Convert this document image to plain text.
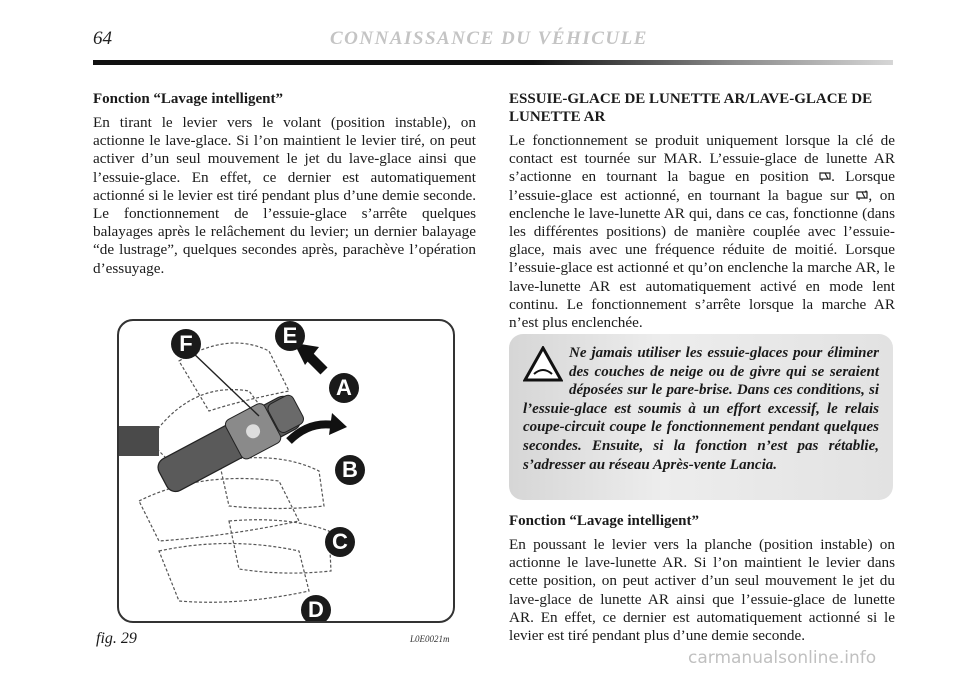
64	CONNAISSANCE DU VÉHICULE
Fonction “Lavage intelligent”

En tirant le levier vers le volant (position instable), on actionne le lave-glace. Si l’on maintient le levier tiré, on peut activer d’un seul mouvement le jet du lave-glace ainsi que l’essuie-glace. En effet, ce dernier est automatiquement actionné si le levier est tiré pendant plus d’une demie seconde. Le fonctionnement de l’essuie-glace s’arrête quelques balayages après le relâchement du levier; un dernier balayage “de lustrage”, quelques secondes après, parachève l’opération d’essuyage.

F	E
A
B
C
D
fig. 29	L0E0021m
ESSUIE-GLACE DE LUNETTE AR/LAVE-GLACE DE LUNETTE AR

Le fonctionnement se produit uniquement lorsque la clé de contact est tournée sur MAR. L’essuie-glace de lunette AR s’actionne en tournant la bague en position . Lorsque l’essuie-glace est actionné, en tournant la bague sur , on enclenche le lave-lunette AR qui, dans ce cas, fonctionne (dans les différentes positions) de manière couplée avec l’essuie-glace, mais avec une fréquence réduite de moitié. Lorsque l’essuie-glace est actionné et qu’on enclenche la marche AR, le lave-lunette AR est automatiquement activé en mode lent continu. Le fonctionnement s’arrête lorsque la marche AR n’est plus enclenchée.

Ne jamais utiliser les essuie-glaces pour éliminer des couches de neige ou de givre qui se seraient déposées sur le pare-brise. Dans ces conditions, si l’essuie-glace est soumis à un effort excessif, le relais coupe-circuit coupe le fonctionnement pendant quelques secondes. Ensuite, si la fonction n’est pas rétablie, s’adresser au réseau Après-vente Lancia.
Fonction “Lavage intelligent”

En poussant le levier vers la planche (position instable) on actionne le lave-lunette AR. Si l’on maintient le levier dans cette position, on peut activer d’un seul mouvement le jet du lave-glace de lunette AR ainsi que l’essuie-glace de lunette AR. En effet, ce dernier est automatiquement actionné si le levier est tiré pendant plus d’une demie seconde.

carmanualsonline.info
